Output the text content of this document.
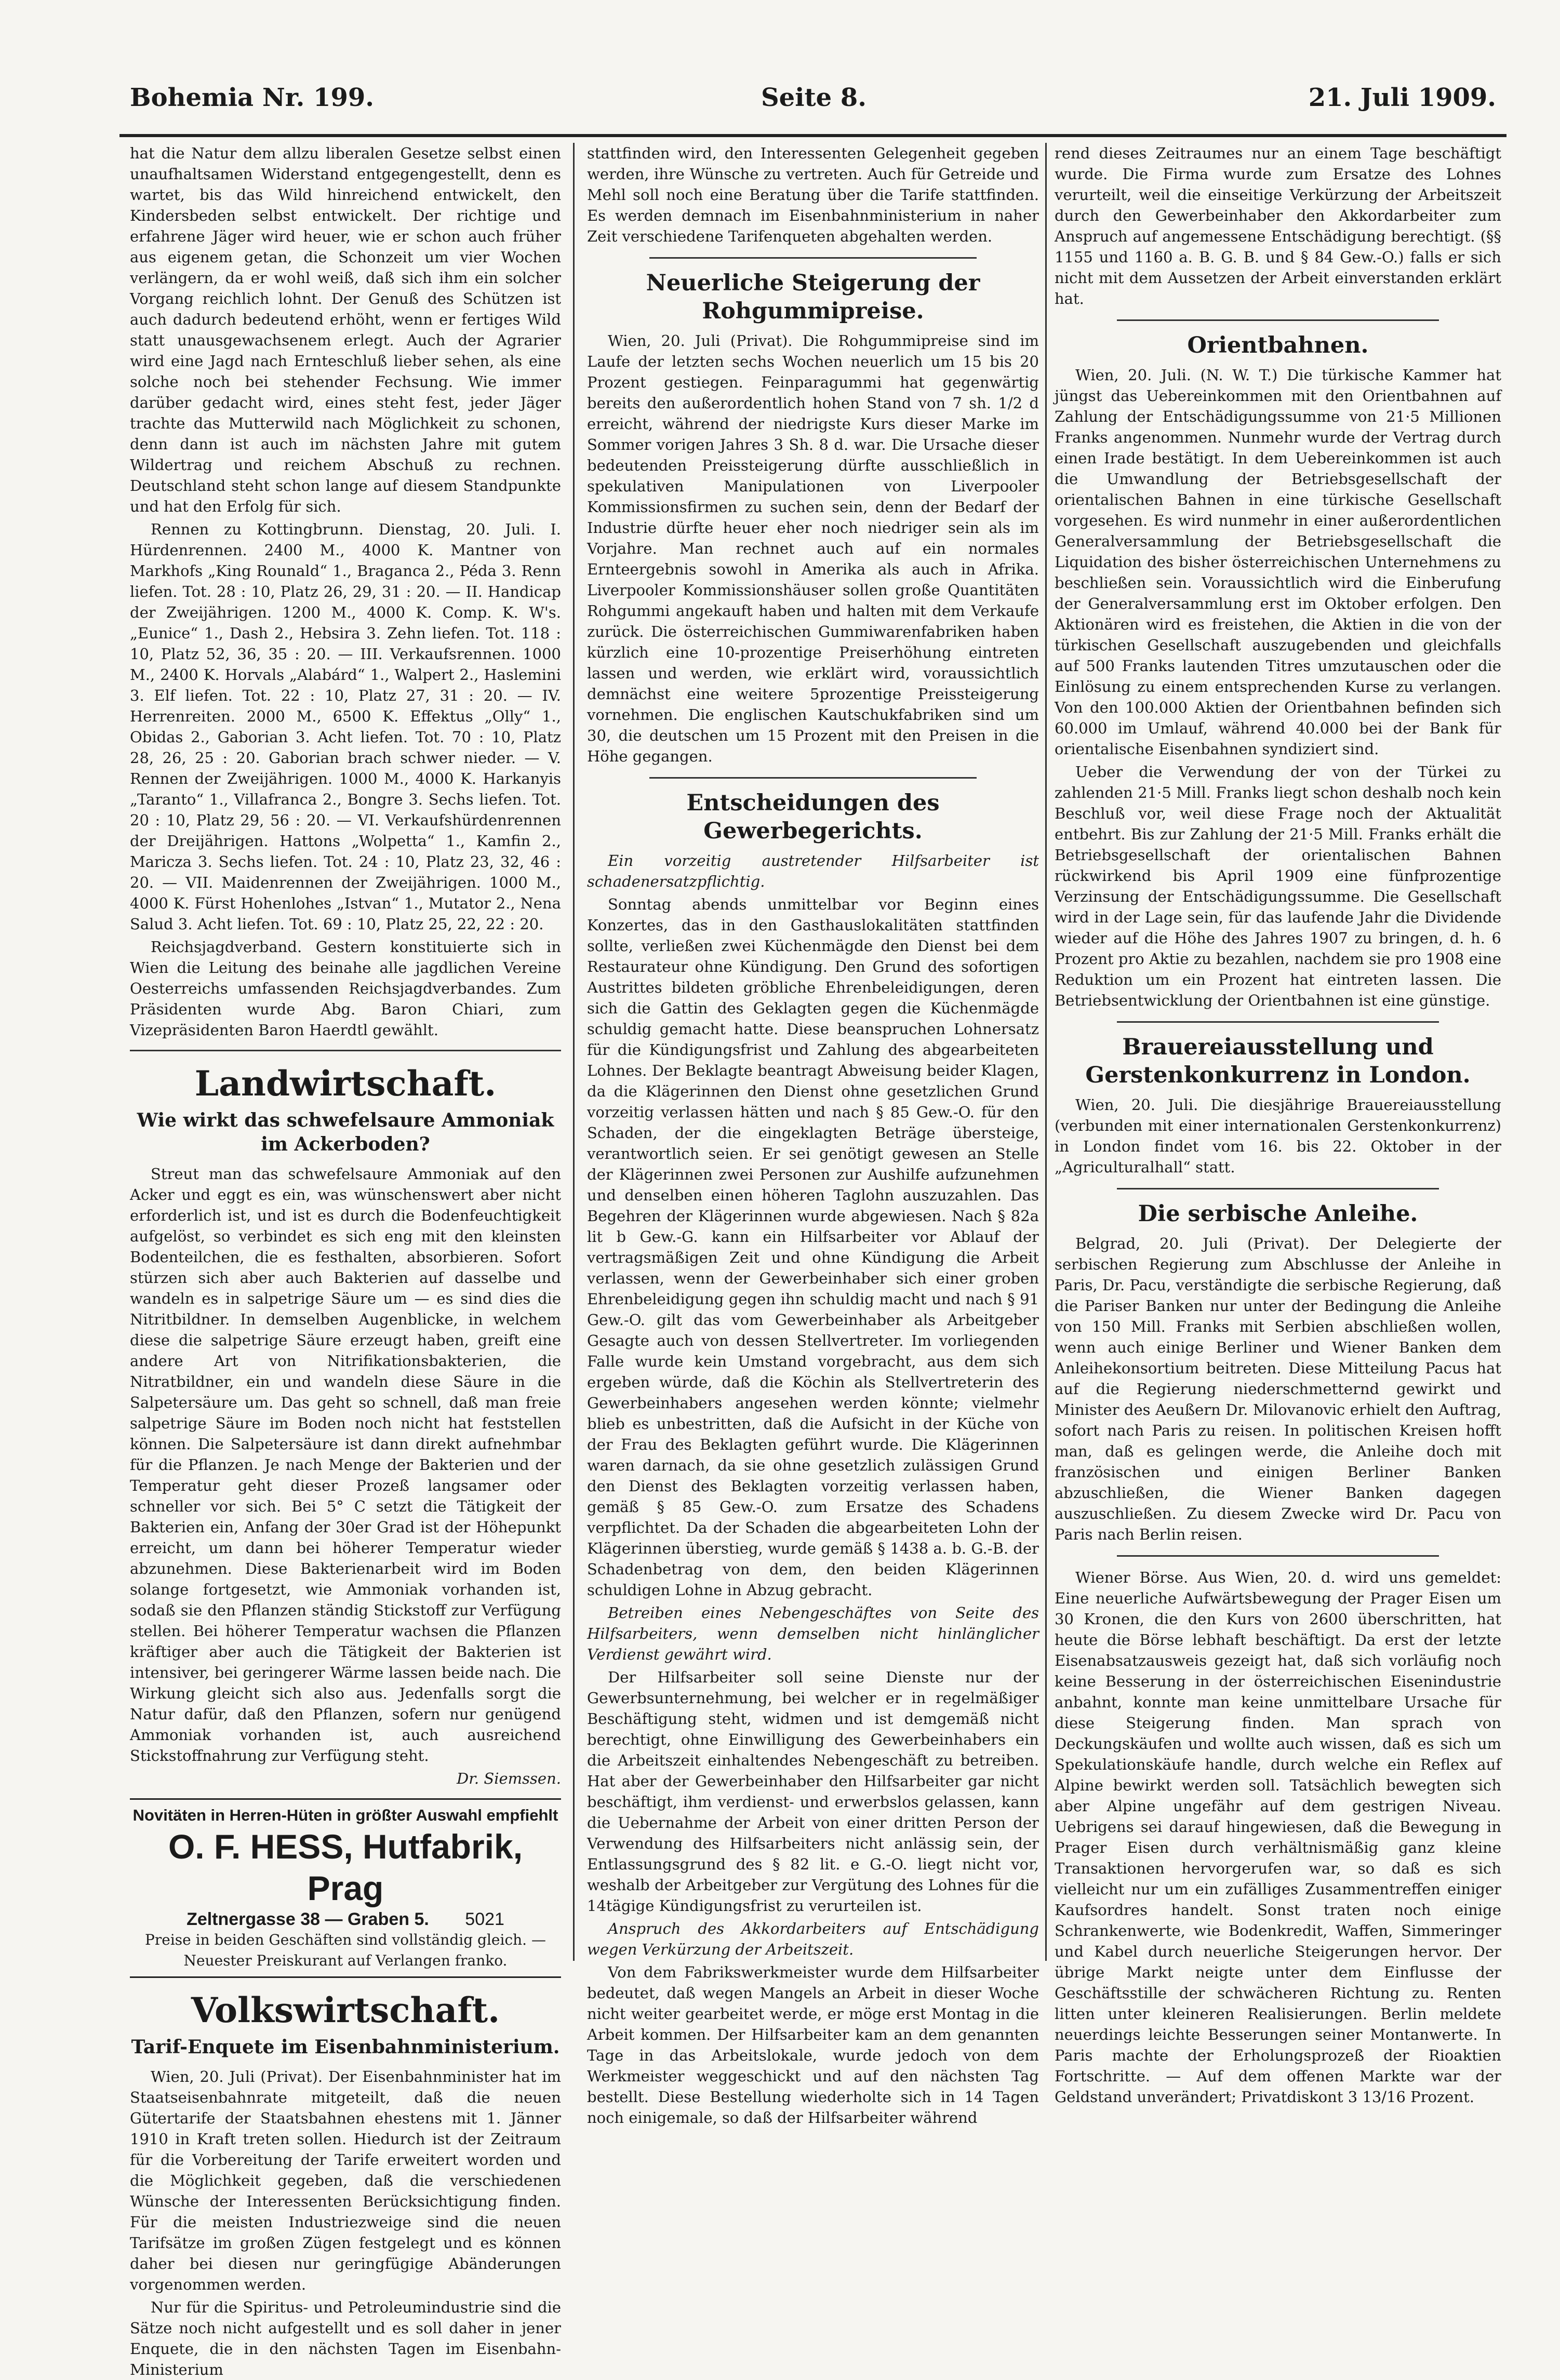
Bohemia Nr. 199.	Seite 8.	21. Juli 1909.

hat die Natur dem allzu liberalen Gesetze selbst einen unaufhaltsamen Widerstand entgegengestellt, denn es wartet, bis das Wild hinreichend entwickelt, den Kindersbeden selbst entwickelt. Der richtige und erfahrene Jäger wird heuer, wie er schon auch früher aus eigenem getan, die Schonzeit um vier Wochen verlängern, da er wohl weiß, daß sich ihm ein solcher Vorgang reichlich lohnt. Der Genuß des Schützen ist auch dadurch bedeutend erhöht, wenn er fertiges Wild statt unausgewachsenem erlegt. Auch der Agrarier wird eine Jagd nach Ernteschluß lieber sehen, als eine solche noch bei stehender Fechsung. Wie immer darüber gedacht wird, eines steht fest, jeder Jäger trachte das Mutterwild nach Möglichkeit zu schonen, denn dann ist auch im nächsten Jahre mit gutem Wildertrag und reichem Abschuß zu rechnen. Deutschland steht schon lange auf diesem Standpunkte und hat den Erfolg für sich.

Rennen zu Kottingbrunn. Dienstag, 20. Juli. I. Hürdenrennen. 2400 M., 4000 K. Mantner von Markhofs „King Rounald“ 1., Braganca 2., Péda 3. Renn liefen. Tot. 28 : 10, Platz 26, 29, 31 : 20. — II. Handicap der Zweijährigen. 1200 M., 4000 K. Comp. K. W's. „Eunice“ 1., Dash 2., Hebsira 3. Zehn liefen. Tot. 118 : 10, Platz 52, 36, 35 : 20. — III. Verkaufsrennen. 1000 M., 2400 K. Horvals „Alabárd“ 1., Walpert 2., Haslemini 3. Elf liefen. Tot. 22 : 10, Platz 27, 31 : 20. — IV. Herrenreiten. 2000 M., 6500 K. Effektus „Olly“ 1., Obidas 2., Gaborian 3. Acht liefen. Tot. 70 : 10, Platz 28, 26, 25 : 20. Gaborian brach schwer nieder. — V. Rennen der Zweijährigen. 1000 M., 4000 K. Harkanyis „Taranto“ 1., Villafranca 2., Bongre 3. Sechs liefen. Tot. 20 : 10, Platz 29, 56 : 20. — VI. Verkaufshürdenrennen der Dreijährigen. Hattons „Wolpetta“ 1., Kamfin 2., Maricza 3. Sechs liefen. Tot. 24 : 10, Platz 23, 32, 46 : 20. — VII. Maidenrennen der Zweijährigen. 1000 M., 4000 K. Fürst Hohenlohes „Istvan“ 1., Mutator 2., Nena Salud 3. Acht liefen. Tot. 69 : 10, Platz 25, 22, 22 : 20.

Reichsjagdverband. Gestern konstituierte sich in Wien die Leitung des beinahe alle jagdlichen Vereine Oesterreichs umfassenden Reichsjagdverbandes. Zum Präsidenten wurde Abg. Baron Chiari, zum Vizepräsidenten Baron Haerdtl gewählt.

Landwirtschaft.
Wie wirkt das schwefelsaure Ammoniak im Ackerboden?

Streut man das schwefelsaure Ammoniak auf den Acker und eggt es ein, was wünschenswert aber nicht erforderlich ist, und ist es durch die Bodenfeuchtigkeit aufgelöst, so verbindet es sich eng mit den kleinsten Bodenteilchen, die es festhalten, absorbieren. Sofort stürzen sich aber auch Bakterien auf dasselbe und wandeln es in salpetrige Säure um — es sind dies die Nitritbildner. In demselben Augenblicke, in welchem diese die salpetrige Säure erzeugt haben, greift eine andere Art von Nitrifikationsbakterien, die Nitratbildner, ein und wandeln diese Säure in die Salpetersäure um. Das geht so schnell, daß man freie salpetrige Säure im Boden noch nicht hat feststellen können. Die Salpetersäure ist dann direkt aufnehmbar für die Pflanzen. Je nach Menge der Bakterien und der Temperatur geht dieser Prozeß langsamer oder schneller vor sich. Bei 5° C setzt die Tätigkeit der Bakterien ein, Anfang der 30er Grad ist der Höhepunkt erreicht, um dann bei höherer Temperatur wieder abzunehmen. Diese Bakterienarbeit wird im Boden solange fortgesetzt, wie Ammoniak vorhanden ist, sodaß sie den Pflanzen ständig Stickstoff zur Verfügung stellen. Bei höherer Temperatur wachsen die Pflanzen kräftiger aber auch die Tätigkeit der Bakterien ist intensiver, bei geringerer Wärme lassen beide nach. Die Wirkung gleicht sich also aus. Jedenfalls sorgt die Natur dafür, daß den Pflanzen, sofern nur genügend Ammoniak vorhanden ist, auch ausreichend Stickstoffnahrung zur Verfügung steht.

Dr. Siemssen.
Novitäten in Herren-Hüten in größter Auswahl empfiehlt
O. F. HESS, Hutfabrik, Prag
Zeltnergasse 38 — Graben 5. 5021
Preise in beiden Geschäften sind vollständig gleich. — Neuester Preiskurant auf Verlangen franko.
Volkswirtschaft.
Tarif-Enquete im Eisenbahnministerium.

Wien, 20. Juli (Privat). Der Eisenbahnminister hat im Staatseisenbahnrate mitgeteilt, daß die neuen Gütertarife der Staatsbahnen ehestens mit 1. Jänner 1910 in Kraft treten sollen. Hiedurch ist der Zeitraum für die Vorbereitung der Tarife erweitert worden und die Möglichkeit gegeben, daß die verschiedenen Wünsche der Interessenten Berücksichtigung finden. Für die meisten Industriezweige sind die neuen Tarifsätze im großen Zügen festgelegt und es können daher bei diesen nur geringfügige Abänderungen vorgenommen werden.

Nur für die Spiritus- und Petroleumindustrie sind die Sätze noch nicht aufgestellt und es soll daher in jener Enquete, die in den nächsten Tagen im Eisenbahn-Ministerium

stattfinden wird, den Interessenten Gelegenheit gegeben werden, ihre Wünsche zu vertreten. Auch für Getreide und Mehl soll noch eine Beratung über die Tarife stattfinden. Es werden demnach im Eisenbahnministerium in naher Zeit verschiedene Tarifenqueten abgehalten werden.

Neuerliche Steigerung der Rohgummipreise.

Wien, 20. Juli (Privat). Die Rohgummipreise sind im Laufe der letzten sechs Wochen neuerlich um 15 bis 20 Prozent gestiegen. Feinparagummi hat gegenwärtig bereits den außerordentlich hohen Stand von 7 sh. 1/2 d erreicht, während der niedrigste Kurs dieser Marke im Sommer vorigen Jahres 3 Sh. 8 d. war. Die Ursache dieser bedeutenden Preissteigerung dürfte ausschließlich in spekulativen Manipulationen von Liverpooler Kommissionsfirmen zu suchen sein, denn der Bedarf der Industrie dürfte heuer eher noch niedriger sein als im Vorjahre. Man rechnet auch auf ein normales Ernteergebnis sowohl in Amerika als auch in Afrika. Liverpooler Kommissionshäuser sollen große Quantitäten Rohgummi angekauft haben und halten mit dem Verkaufe zurück. Die österreichischen Gummiwarenfabriken haben kürzlich eine 10-prozentige Preiserhöhung eintreten lassen und werden, wie erklärt wird, voraussichtlich demnächst eine weitere 5prozentige Preissteigerung vornehmen. Die englischen Kautschukfabriken sind um 30, die deutschen um 15 Prozent mit den Preisen in die Höhe gegangen.

Entscheidungen des Gewerbegerichts.

Ein vorzeitig austretender Hilfsarbeiter ist schadenersatzpflichtig.

Sonntag abends unmittelbar vor Beginn eines Konzertes, das in den Gasthauslokalitäten stattfinden sollte, verließen zwei Küchenmägde den Dienst bei dem Restaurateur ohne Kündigung. Den Grund des sofortigen Austrittes bildeten gröbliche Ehrenbeleidigungen, deren sich die Gattin des Geklagten gegen die Küchenmägde schuldig gemacht hatte. Diese beanspruchen Lohnersatz für die Kündigungsfrist und Zahlung des abgearbeiteten Lohnes. Der Beklagte beantragt Abweisung beider Klagen, da die Klägerinnen den Dienst ohne gesetzlichen Grund vorzeitig verlassen hätten und nach § 85 Gew.-O. für den Schaden, der die eingeklagten Beträge übersteige, verantwortlich seien. Er sei genötigt gewesen an Stelle der Klägerinnen zwei Personen zur Aushilfe aufzunehmen und denselben einen höheren Taglohn auszuzahlen. Das Begehren der Klägerinnen wurde abgewiesen. Nach § 82a lit b Gew.-G. kann ein Hilfsarbeiter vor Ablauf der vertragsmäßigen Zeit und ohne Kündigung die Arbeit verlassen, wenn der Gewerbeinhaber sich einer groben Ehrenbeleidigung gegen ihn schuldig macht und nach § 91 Gew.-O. gilt das vom Gewerbeinhaber als Arbeitgeber Gesagte auch von dessen Stellvertreter. Im vorliegenden Falle wurde kein Umstand vorgebracht, aus dem sich ergeben würde, daß die Köchin als Stellvertreterin des Gewerbeinhabers angesehen werden könnte; vielmehr blieb es unbestritten, daß die Aufsicht in der Küche von der Frau des Beklagten geführt wurde. Die Klägerinnen waren darnach, da sie ohne gesetzlich zulässigen Grund den Dienst des Beklagten vorzeitig verlassen haben, gemäß § 85 Gew.-O. zum Ersatze des Schadens verpflichtet. Da der Schaden die abgearbeiteten Lohn der Klägerinnen überstieg, wurde gemäß § 1438 a. b. G.-B. der Schadenbetrag von dem, den beiden Klägerinnen schuldigen Lohne in Abzug gebracht.

Betreiben eines Nebengeschäftes von Seite des Hilfsarbeiters, wenn demselben nicht hinlänglicher Verdienst gewährt wird.

Der Hilfsarbeiter soll seine Dienste nur der Gewerbsunternehmung, bei welcher er in regelmäßiger Beschäftigung steht, widmen und ist demgemäß nicht berechtigt, ohne Einwilligung des Gewerbeinhabers ein die Arbeitszeit einhaltendes Nebengeschäft zu betreiben. Hat aber der Gewerbeinhaber den Hilfsarbeiter gar nicht beschäftigt, ihm verdienst- und erwerbslos gelassen, kann die Uebernahme der Arbeit von einer dritten Person der Verwendung des Hilfsarbeiters nicht anlässig sein, der Entlassungsgrund des § 82 lit. e G.-O. liegt nicht vor, weshalb der Arbeitgeber zur Vergütung des Lohnes für die 14tägige Kündigungsfrist zu verurteilen ist.

Anspruch des Akkordarbeiters auf Entschädigung wegen Verkürzung der Arbeitszeit.

Von dem Fabrikswerkmeister wurde dem Hilfsarbeiter bedeutet, daß wegen Mangels an Arbeit in dieser Woche nicht weiter gearbeitet werde, er möge erst Montag in die Arbeit kommen. Der Hilfsarbeiter kam an dem genannten Tage in das Arbeitslokale, wurde jedoch von dem Werkmeister weggeschickt und auf den nächsten Tag bestellt. Diese Bestellung wiederholte sich in 14 Tagen noch einigemale, so daß der Hilfsarbeiter während

rend dieses Zeitraumes nur an einem Tage beschäftigt wurde. Die Firma wurde zum Ersatze des Lohnes verurteilt, weil die einseitige Verkürzung der Arbeitszeit durch den Gewerbeinhaber den Akkordarbeiter zum Anspruch auf angemessene Entschädigung berechtigt. (§§ 1155 und 1160 a. B. G. B. und § 84 Gew.-O.) falls er sich nicht mit dem Aussetzen der Arbeit einverstanden erklärt hat.

Orientbahnen.

Wien, 20. Juli. (N. W. T.) Die türkische Kammer hat jüngst das Uebereinkommen mit den Orientbahnen auf Zahlung der Entschädigungssumme von 21·5 Millionen Franks angenommen. Nunmehr wurde der Vertrag durch einen Irade bestätigt. In dem Uebereinkommen ist auch die Umwandlung der Betriebsgesellschaft der orientalischen Bahnen in eine türkische Gesellschaft vorgesehen. Es wird nunmehr in einer außerordentlichen Generalversammlung der Betriebsgesellschaft die Liquidation des bisher österreichischen Unternehmens zu beschließen sein. Voraussichtlich wird die Einberufung der Generalversammlung erst im Oktober erfolgen. Den Aktionären wird es freistehen, die Aktien in die von der türkischen Gesellschaft auszugebenden und gleichfalls auf 500 Franks lautenden Titres umzutauschen oder die Einlösung zu einem entsprechenden Kurse zu verlangen. Von den 100.000 Aktien der Orientbahnen befinden sich 60.000 im Umlauf, während 40.000 bei der Bank für orientalische Eisenbahnen syndiziert sind.

Ueber die Verwendung der von der Türkei zu zahlenden 21·5 Mill. Franks liegt schon deshalb noch kein Beschluß vor, weil diese Frage noch der Aktualität entbehrt. Bis zur Zahlung der 21·5 Mill. Franks erhält die Betriebsgesellschaft der orientalischen Bahnen rückwirkend bis April 1909 eine fünfprozentige Verzinsung der Entschädigungssumme. Die Gesellschaft wird in der Lage sein, für das laufende Jahr die Dividende wieder auf die Höhe des Jahres 1907 zu bringen, d. h. 6 Prozent pro Aktie zu bezahlen, nachdem sie pro 1908 eine Reduktion um ein Prozent hat eintreten lassen. Die Betriebsentwicklung der Orientbahnen ist eine günstige.

Brauereiausstellung und Gerstenkonkurrenz in London.

Wien, 20. Juli. Die diesjährige Brauereiausstellung (verbunden mit einer internationalen Gerstenkonkurrenz) in London findet vom 16. bis 22. Oktober in der „Agriculturalhall“ statt.

Die serbische Anleihe.

Belgrad, 20. Juli (Privat). Der Delegierte der serbischen Regierung zum Abschlusse der Anleihe in Paris, Dr. Pacu, verständigte die serbische Regierung, daß die Pariser Banken nur unter der Bedingung die Anleihe von 150 Mill. Franks mit Serbien abschließen wollen, wenn auch einige Berliner und Wiener Banken dem Anleihekonsortium beitreten. Diese Mitteilung Pacus hat auf die Regierung niederschmetternd gewirkt und Minister des Aeußern Dr. Milovanovic erhielt den Auftrag, sofort nach Paris zu reisen. In politischen Kreisen hofft man, daß es gelingen werde, die Anleihe doch mit französischen und einigen Berliner Banken abzuschließen, die Wiener Banken dagegen auszuschließen. Zu diesem Zwecke wird Dr. Pacu von Paris nach Berlin reisen.

Wiener Börse. Aus Wien, 20. d. wird uns gemeldet: Eine neuerliche Aufwärtsbewegung der Prager Eisen um 30 Kronen, die den Kurs von 2600 überschritten, hat heute die Börse lebhaft beschäftigt. Da erst der letzte Eisenabsatzausweis gezeigt hat, daß sich vorläufig noch keine Besserung in der österreichischen Eisenindustrie anbahnt, konnte man keine unmittelbare Ursache für diese Steigerung finden. Man sprach von Deckungskäufen und wollte auch wissen, daß es sich um Spekulationskäufe handle, durch welche ein Reflex auf Alpine bewirkt werden soll. Tatsächlich bewegten sich aber Alpine ungefähr auf dem gestrigen Niveau. Uebrigens sei darauf hingewiesen, daß die Bewegung in Prager Eisen durch verhältnismäßig ganz kleine Transaktionen hervorgerufen war, so daß es sich vielleicht nur um ein zufälliges Zusammentreffen einiger Kaufsordres handelt. Sonst traten noch einige Schrankenwerte, wie Bodenkredit, Waffen, Simmeringer und Kabel durch neuerliche Steigerungen hervor. Der übrige Markt neigte unter dem Einflusse der Geschäftsstille der schwächeren Richtung zu. Renten litten unter kleineren Realisierungen. Berlin meldete neuerdings leichte Besserungen seiner Montanwerte. In Paris machte der Erholungsprozeß der Rioaktien Fortschritte. — Auf dem offenen Markte war der Geldstand unverändert; Privatdiskont 3 13/16 Prozent.
